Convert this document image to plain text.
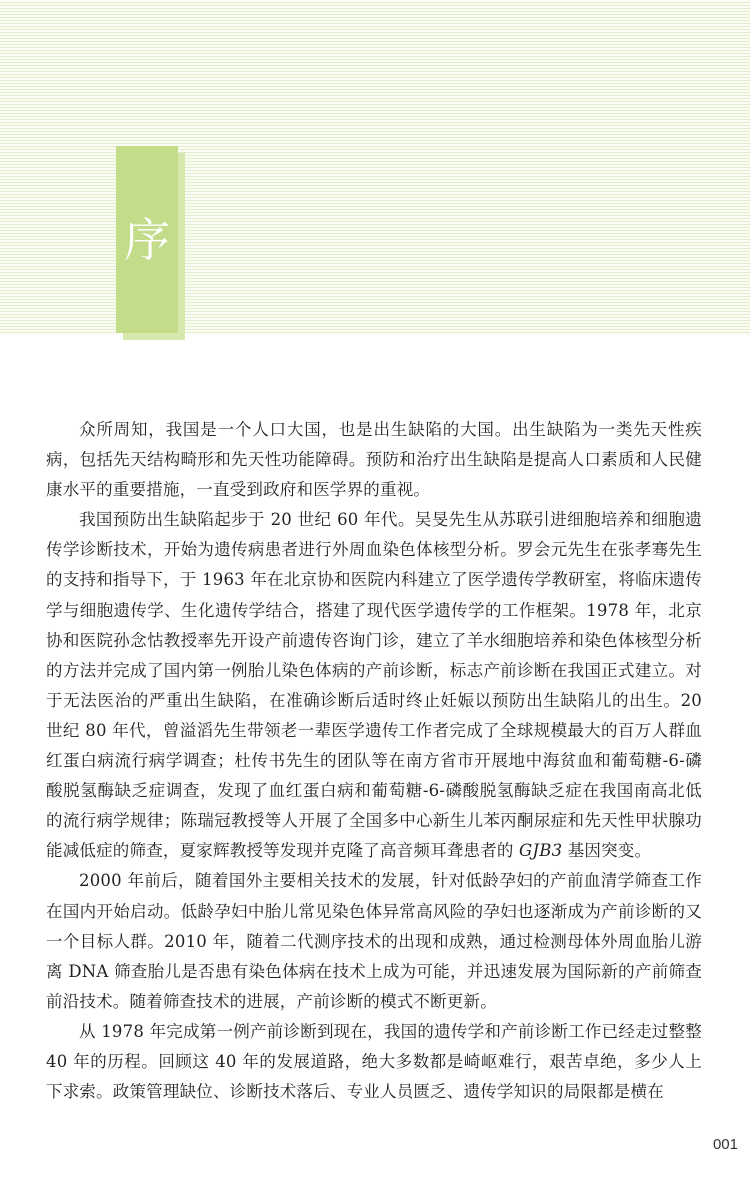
序

众所周知，我国是一个人口大国，也是出生缺陷的大国。出生缺陷为一类先天性疾病，包括先天结构畸形和先天性功能障碍。预防和治疗出生缺陷是提高人口素质和人民健康水平的重要措施，一直受到政府和医学界的重视。

我国预防出生缺陷起步于 20 世纪 60 年代。吴旻先生从苏联引进细胞培养和细胞遗传学诊断技术，开始为遗传病患者进行外周血染色体核型分析。罗会元先生在张孝骞先生的支持和指导下，于 1963 年在北京协和医院内科建立了医学遗传学教研室，将临床遗传学与细胞遗传学、生化遗传学结合，搭建了现代医学遗传学的工作框架。1978 年，北京协和医院孙念怙教授率先开设产前遗传咨询门诊，建立了羊水细胞培养和染色体核型分析的方法并完成了国内第一例胎儿染色体病的产前诊断，标志产前诊断在我国正式建立。对于无法医治的严重出生缺陷，在准确诊断后适时终止妊娠以预防出生缺陷儿的出生。20 世纪 80 年代，曾溢滔先生带领老一辈医学遗传工作者完成了全球规模最大的百万人群血红蛋白病流行病学调查；杜传书先生的团队等在南方省市开展地中海贫血和葡萄糖-6-磷酸脱氢酶缺乏症调查，发现了血红蛋白病和葡萄糖-6-磷酸脱氢酶缺乏症在我国南高北低的流行病学规律；陈瑞冠教授等人开展了全国多中心新生儿苯丙酮尿症和先天性甲状腺功能减低症的筛查，夏家辉教授等发现并克隆了高音频耳聋患者的 GJB3 基因突变。

2000 年前后，随着国外主要相关技术的发展，针对低龄孕妇的产前血清学筛查工作在国内开始启动。低龄孕妇中胎儿常见染色体异常高风险的孕妇也逐渐成为产前诊断的又一个目标人群。2010 年，随着二代测序技术的出现和成熟，通过检测母体外周血胎儿游离 DNA 筛查胎儿是否患有染色体病在技术上成为可能，并迅速发展为国际新的产前筛查前沿技术。随着筛查技术的进展，产前诊断的模式不断更新。

从 1978 年完成第一例产前诊断到现在，我国的遗传学和产前诊断工作已经走过整整 40 年的历程。回顾这 40 年的发展道路，绝大多数都是崎岖难行，艰苦卓绝，多少人上下求索。政策管理缺位、诊断技术落后、专业人员匮乏、遗传学知识的局限都是横在

001
